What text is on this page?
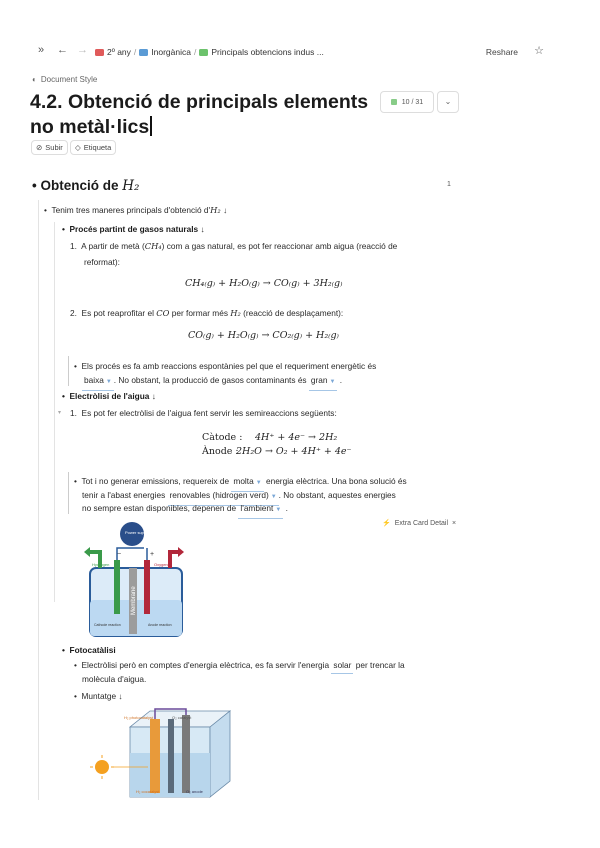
» ← → 2º any / Inorgànica / Principals obtencions indus ...	Reshare ☆
◐ Document Style
4.2. Obtenció de principals elements no metàl·lics
10 / 31	⌄
⊘ Subir ◇ Etiqueta
• Obtenció de H₂	1
•  Tenim tres maneres principals d'obtenció d'H₂ ↓
•  Procés partint de gasos naturals ↓
1.  A partir de metà (CH₄) com a gas natural, es pot fer reaccionar amb aigua (reacció de
reformat):
CH₄₍g₎ + H₂O₍g₎ → CO₍g₎ + 3H₂₍g₎
2.  Es pot reaprofitar el CO per formar més H₂ (reacció de desplaçament):
CO₍g₎ + H₂O₍g₎ → CO₂₍g₎ + H₂₍g₎
•  Els procés es fa amb reaccions espontànies pel que el requeriment energètic és
baixa ▼ . No obstant, la producció de gasos contaminants és gran ▼ .
•  Electròlisi de l'aigua ↓
▾ 1.  Es pot fer electròlisi de l'aigua fent servir les semireaccions següents:
Càtode : 4H⁺ + 4e⁻ → 2H₂
Ànode :
2H₂O → O₂ + 4H⁺ + 4e⁻
•  Tot i no generar emissions, requereix de molta ▼ energia elèctrica. Una bona solució és
tenir a l'abast energies renovables (hidrogen verd) ▼ . No obstant, aquestes energies
no sempre estan disponibles, depenen de l'ambient ▼ .
⚡ Extra Card Detail ×
Membrane
Power supply
−	+
Hydrogen	Oxygen
Cathode reaction	Anode reaction
•  Fotocatàlisi
•  Electròlisi però en comptes d'energia elèctrica, es fa servir l'energia solar per trencar la
molècula d'aigua.
•  Muntatge ↓
H₂ photocatalyst	O₂ catalyst
H₂ cocatalyst	O₂ anode
